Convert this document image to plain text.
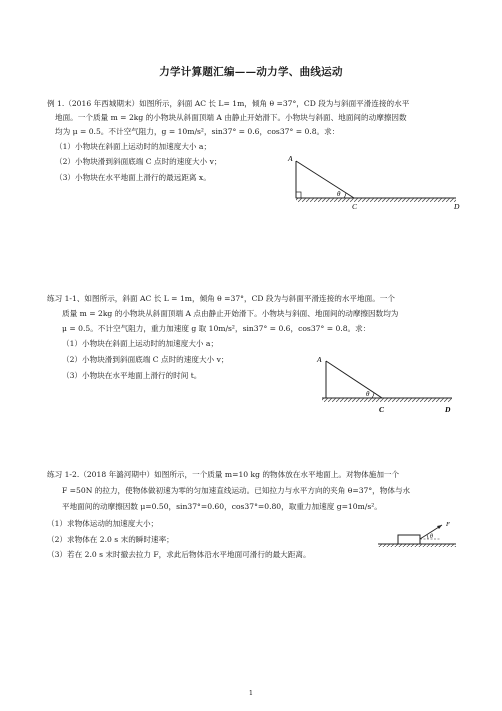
力学计算题汇编——动力学、曲线运动
例 1.（2016 年西城期末）如图所示，斜面 AC 长 L= 1m，倾角 θ =37°，CD 段为与斜面平滑连接的水平
地面。一个质量 m = 2kg 的小物块从斜面顶端 A 由静止开始滑下。小物块与斜面、地面间的动摩擦因数
均为 μ = 0.5。不计空气阻力，g = 10m/s²，sin37° = 0.6，cos37° = 0.8。求：
（1）小物块在斜面上运动时的加速度大小 a；
（2）小物块滑到斜面底端 C 点时的速度大小 v；
（3）小物块在水平地面上滑行的最远距离 x。
A
θ
C	D
练习 1-1、如图所示，斜面 AC 长 L = 1m，倾角 θ =37°，CD 段为与斜面平滑连接的水平地面。一个
质量 m = 2kg 的小物块从斜面顶端 A 点由静止开始滑下。小物块与斜面、地面间的动摩擦因数均为
μ = 0.5。不计空气阻力，重力加速度 g 取 10m/s²，sin37° = 0.6，cos37° = 0.8。求：
（1）小物块在斜面上运动时的加速度大小 a；
（2）小物块滑到斜面底端 C 点时的速度大小 v；
（3）小物块在水平地面上滑行的时间 t。
A
θ
C	D
练习 1-2.（2018 年潞河期中）如图所示，一个质量 m=10 kg 的物体放在水平地面上。对物体施加一个
F =50N 的拉力，使物体做初速为零的匀加速直线运动。已知拉力与水平方向的夹角 θ=37°，物体与水
平地面间的动摩擦因数 μ=0.50，sin37°=0.60，cos37°=0.80，取重力加速度 g=10m/s²。
（1）求物体运动的加速度大小；
（2）求物体在 2.0 s 末的瞬时速率；
（3）若在 2.0 s 末时撤去拉力 F，求此后物体沿水平地面可滑行的最大距离。
F
θ
1
